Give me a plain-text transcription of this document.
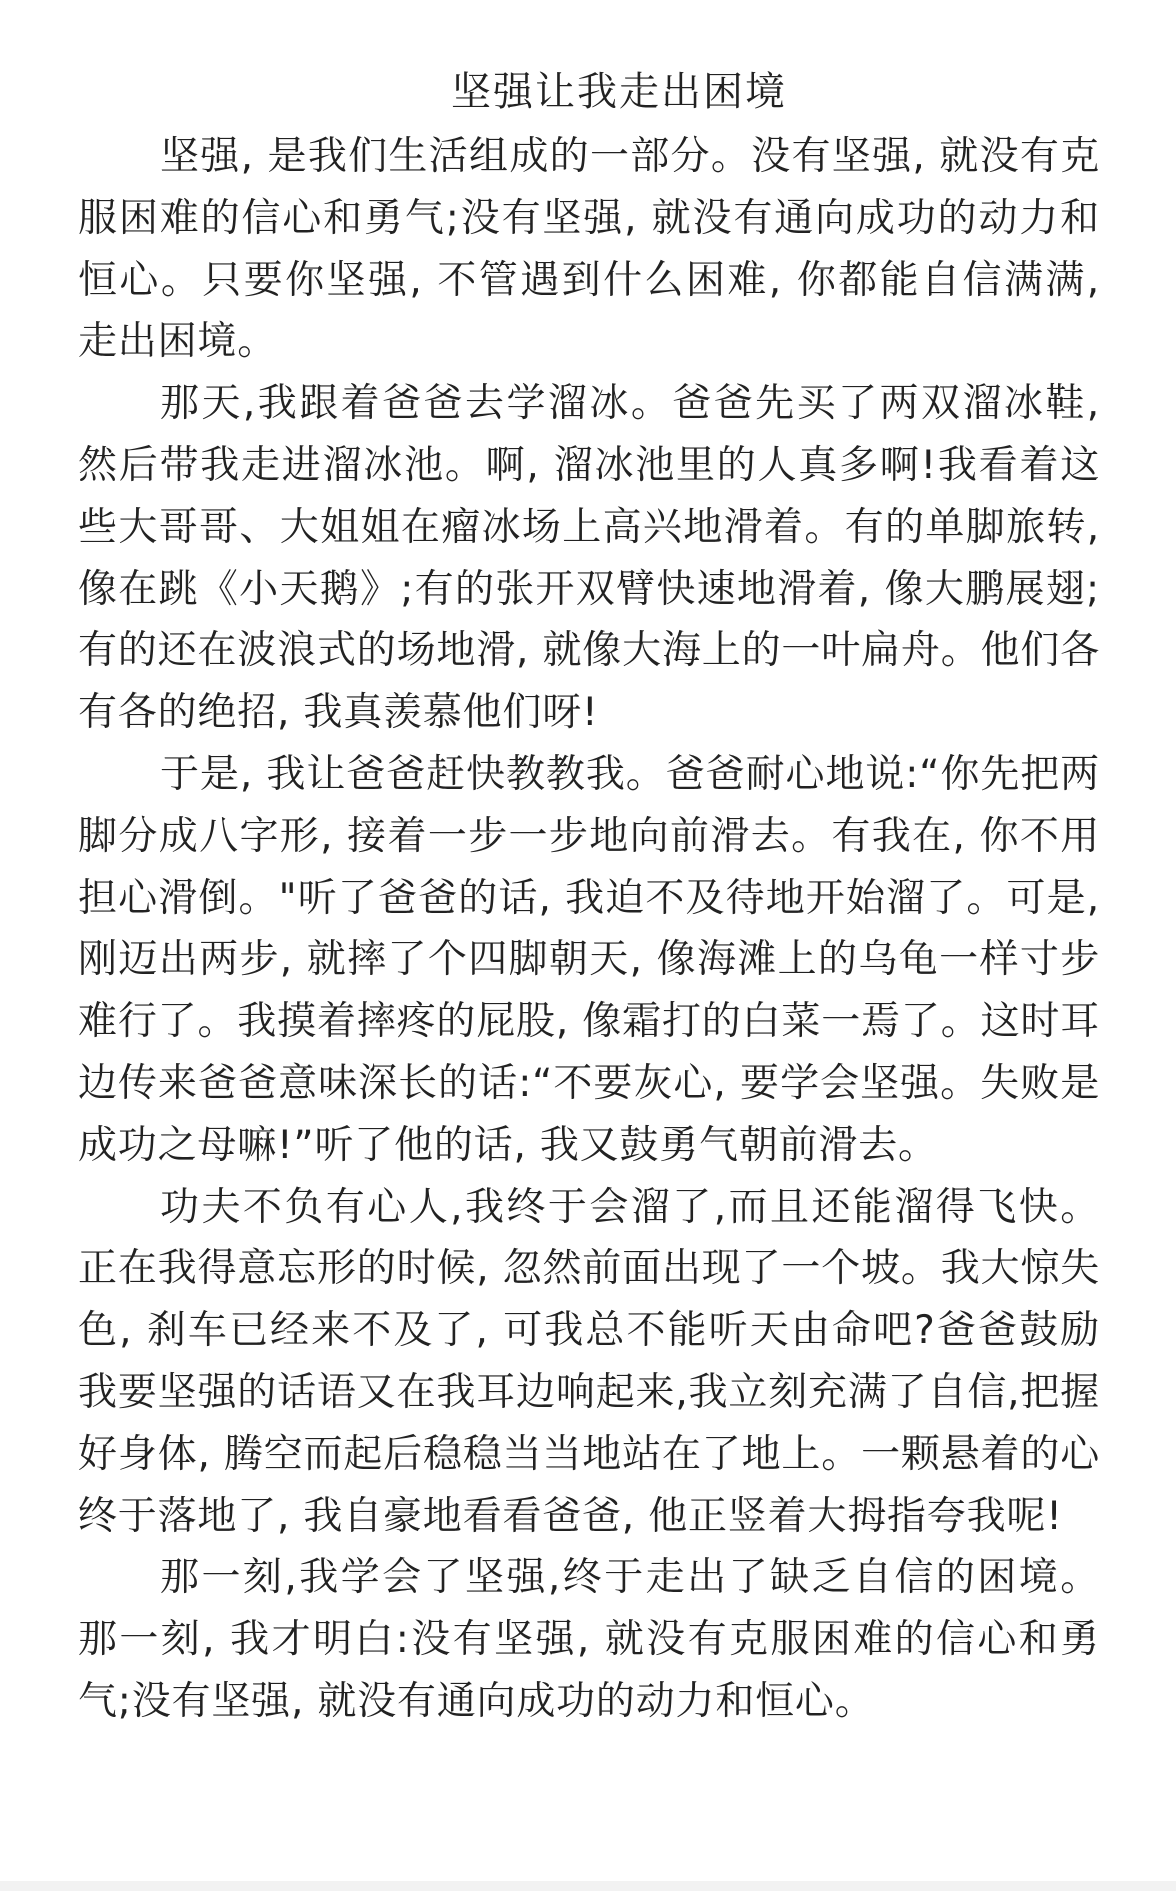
坚强让我走出困境

坚强, 是我们生活组成的一部分。没有坚强, 就没有克服困难的信心和勇气;没有坚强, 就没有通向成功的动力和恒心。只要你坚强, 不管遇到什么困难, 你都能自信满满, 走出困境。

那天,我跟着爸爸去学溜冰。爸爸先买了两双溜冰鞋,然后带我走进溜冰池。啊, 溜冰池里的人真多啊!我看着这些大哥哥、大姐姐在瘤冰场上高兴地滑着。有的单脚旅转, 像在跳《小天鹅》;有的张开双臂快速地滑着, 像大鹏展翅;有的还在波浪式的场地滑, 就像大海上的一叶扁舟。他们各有各的绝招, 我真羡慕他们呀!

于是, 我让爸爸赶快教教我。爸爸耐心地说:“你先把两脚分成八字形, 接着一步一步地向前滑去。有我在, 你不用担心滑倒。"听了爸爸的话, 我迫不及待地开始溜了。可是, 刚迈出两步, 就摔了个四脚朝天, 像海滩上的乌龟一样寸步难行了。我摸着摔疼的屁股, 像霜打的白菜一焉了。这时耳边传来爸爸意味深长的话:“不要灰心, 要学会坚强。失败是成功之母嘛!”听了他的话, 我又鼓勇气朝前滑去。

功夫不负有心人,我终于会溜了,而且还能溜得飞快。正在我得意忘形的时候, 忽然前面出现了一个坡。我大惊失色, 刹车已经来不及了, 可我总不能听天由命吧?爸爸鼓励我要坚强的话语又在我耳边响起来,我立刻充满了自信,把握好身体, 腾空而起后稳稳当当地站在了地上。一颗悬着的心终于落地了, 我自豪地看看爸爸, 他正竖着大拇指夸我呢!

那一刻,我学会了坚强,终于走出了缺乏自信的困境。那一刻, 我才明白:没有坚强, 就没有克服困难的信心和勇气;没有坚强, 就没有通向成功的动力和恒心。
